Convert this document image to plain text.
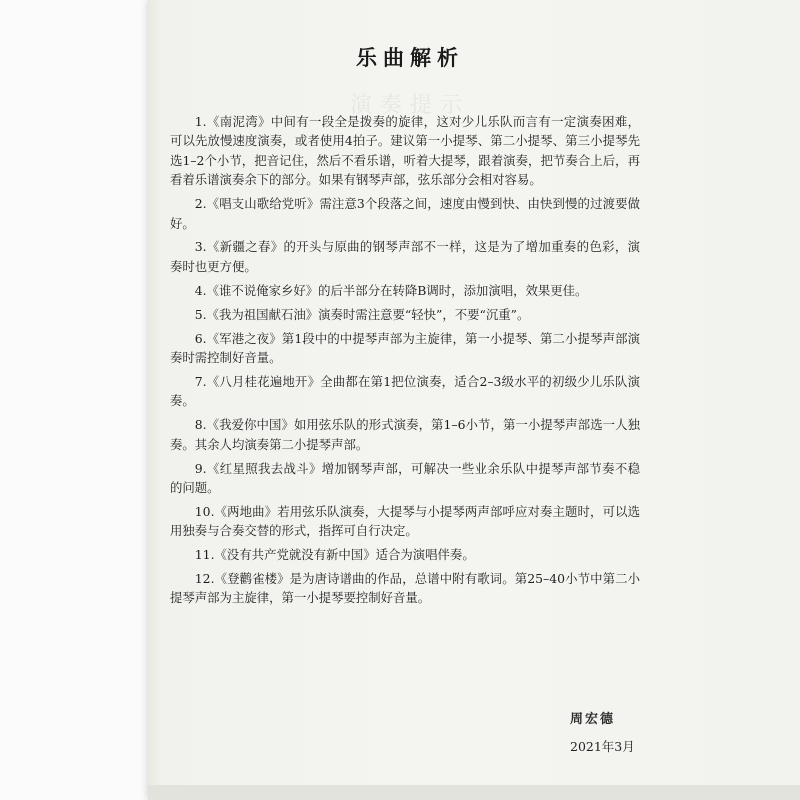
演奏提示
乐曲解析

1.《南泥湾》中间有一段全是拨奏的旋律，这对少儿乐队而言有一定演奏困难，可以先放慢速度演奏，或者使用4拍子。建议第一小提琴、第二小提琴、第三小提琴先选1–2个小节，把音记住，然后不看乐谱，听着大提琴，跟着演奏，把节奏合上后，再看着乐谱演奏余下的部分。如果有钢琴声部，弦乐部分会相对容易。

2.《唱支山歌给党听》需注意3个段落之间，速度由慢到快、由快到慢的过渡要做好。

3.《新疆之春》的开头与原曲的钢琴声部不一样，这是为了增加重奏的色彩，演奏时也更方便。

4.《谁不说俺家乡好》的后半部分在转降B调时，添加演唱，效果更佳。

5.《我为祖国献石油》演奏时需注意要“轻快”，不要“沉重”。

6.《军港之夜》第1段中的中提琴声部为主旋律，第一小提琴、第二小提琴声部演奏时需控制好音量。

7.《八月桂花遍地开》全曲都在第1把位演奏，适合2–3级水平的初级少儿乐队演奏。

8.《我爱你中国》如用弦乐队的形式演奏，第1–6小节，第一小提琴声部选一人独奏。其余人均演奏第二小提琴声部。

9.《红星照我去战斗》增加钢琴声部，可解决一些业余乐队中提琴声部节奏不稳的问题。

10.《两地曲》若用弦乐队演奏，大提琴与小提琴两声部呼应对奏主题时，可以选用独奏与合奏交替的形式，指挥可自行决定。

11.《没有共产党就没有新中国》适合为演唱伴奏。

12.《登鹳雀楼》是为唐诗谱曲的作品，总谱中附有歌词。第25–40小节中第二小提琴声部为主旋律，第一小提琴要控制好音量。

周宏德
2021年3月
